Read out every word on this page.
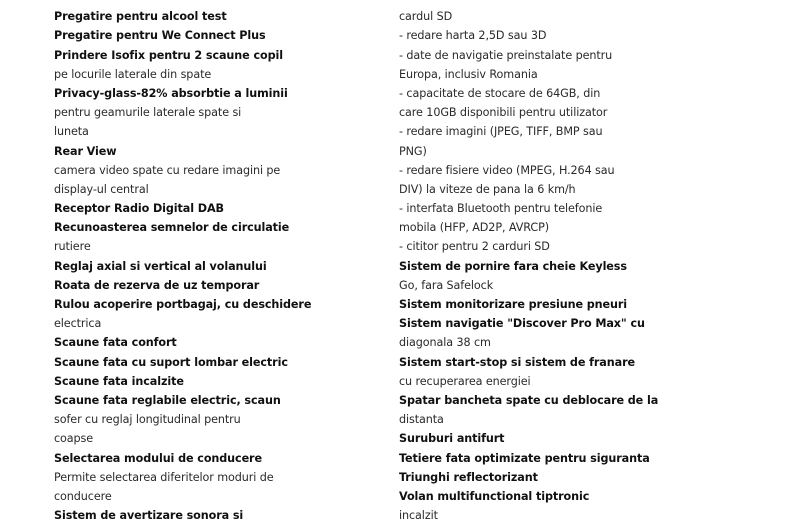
Pregatire pentru alcool test
Pregatire pentru We Connect Plus
Prindere Isofix pentru 2 scaune copil
pe locurile laterale din spate
Privacy-glass-82% absorbtie a luminii
pentru geamurile laterale spate si
luneta
Rear View
camera video spate cu redare imagini pe
display-ul central
Receptor Radio Digital DAB
Recunoasterea semnelor de circulatie
rutiere
Reglaj axial si vertical al volanului
Roata de rezerva de uz temporar
Rulou acoperire portbagaj, cu deschidere
electrica
Scaune fata confort
Scaune fata cu suport lombar electric
Scaune fata incalzite
Scaune fata reglabile electric, scaun
sofer cu reglaj longitudinal pentru
coapse
Selectarea modului de conducere
Permite selectarea diferitelor moduri de
conducere
Sistem de avertizare sonora si
cardul SD
- redare harta 2,5D sau 3D
- date de navigatie preinstalate pentru
Europa, inclusiv Romania
- capacitate de stocare de 64GB, din
care 10GB disponibili pentru utilizator
- redare imagini (JPEG, TIFF, BMP sau
PNG)
- redare fisiere video (MPEG, H.264 sau
DIV) la viteze de pana la 6 km/h
- interfata Bluetooth pentru telefonie
mobila (HFP, AD2P, AVRCP)
- cititor pentru 2 carduri SD
Sistem de pornire fara cheie Keyless
Go, fara Safelock
Sistem monitorizare presiune pneuri
Sistem navigatie "Discover Pro Max" cu
diagonala 38 cm
Sistem start-stop si sistem de franare
cu recuperarea energiei
Spatar bancheta spate cu deblocare de la
distanta
Suruburi antifurt
Tetiere fata optimizate pentru siguranta
Triunghi reflectorizant
Volan multifunctional tiptronic
incalzit
